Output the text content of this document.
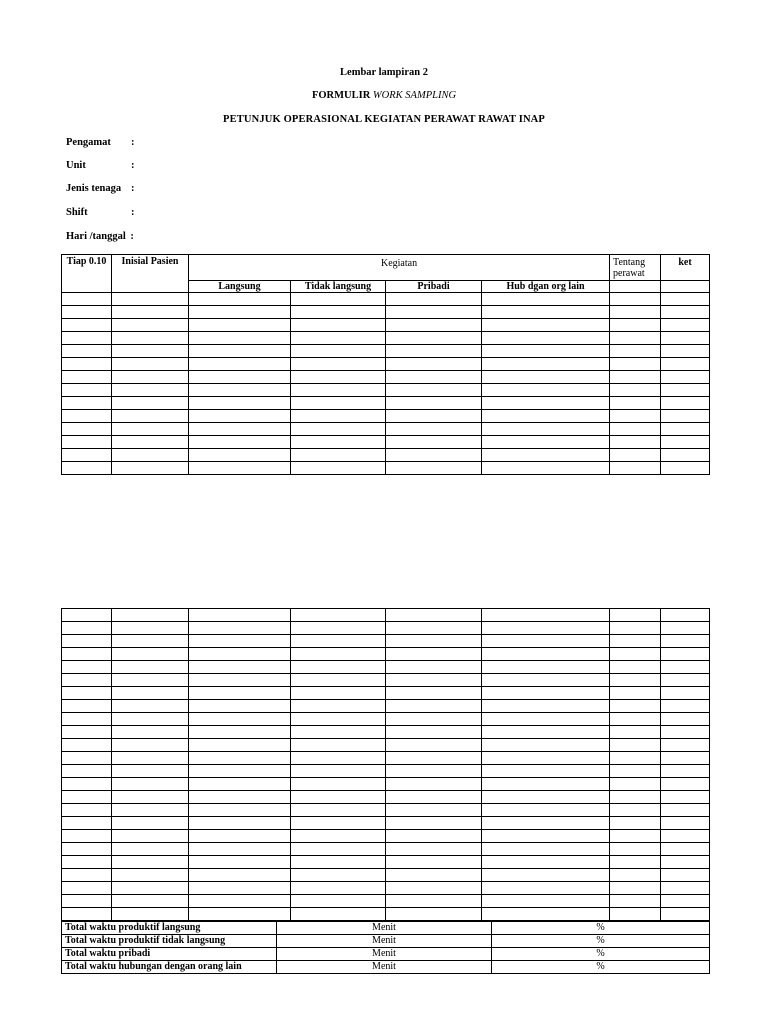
Lembar lampiran 2
FORMULIR WORK SAMPLING
PETUNJUK OPERASIONAL KEGIATAN PERAWAT RAWAT INAP
Pengamat :
Unit	:
Jenis tenaga :
Shift	:
Hari /tanggal :
Tiap 0.10	Inisial Pasien	Kegiatan				Tentang perawat	ket
		Langsung	Tidak langsung	Pribadi	Hub dgan org lain		

Total waktu produktif langsung	Menit	%
Total waktu produktif tidak langsung	Menit	%
Total waktu pribadi	Menit	%
Total waktu hubungan dengan orang lain	Menit	%
